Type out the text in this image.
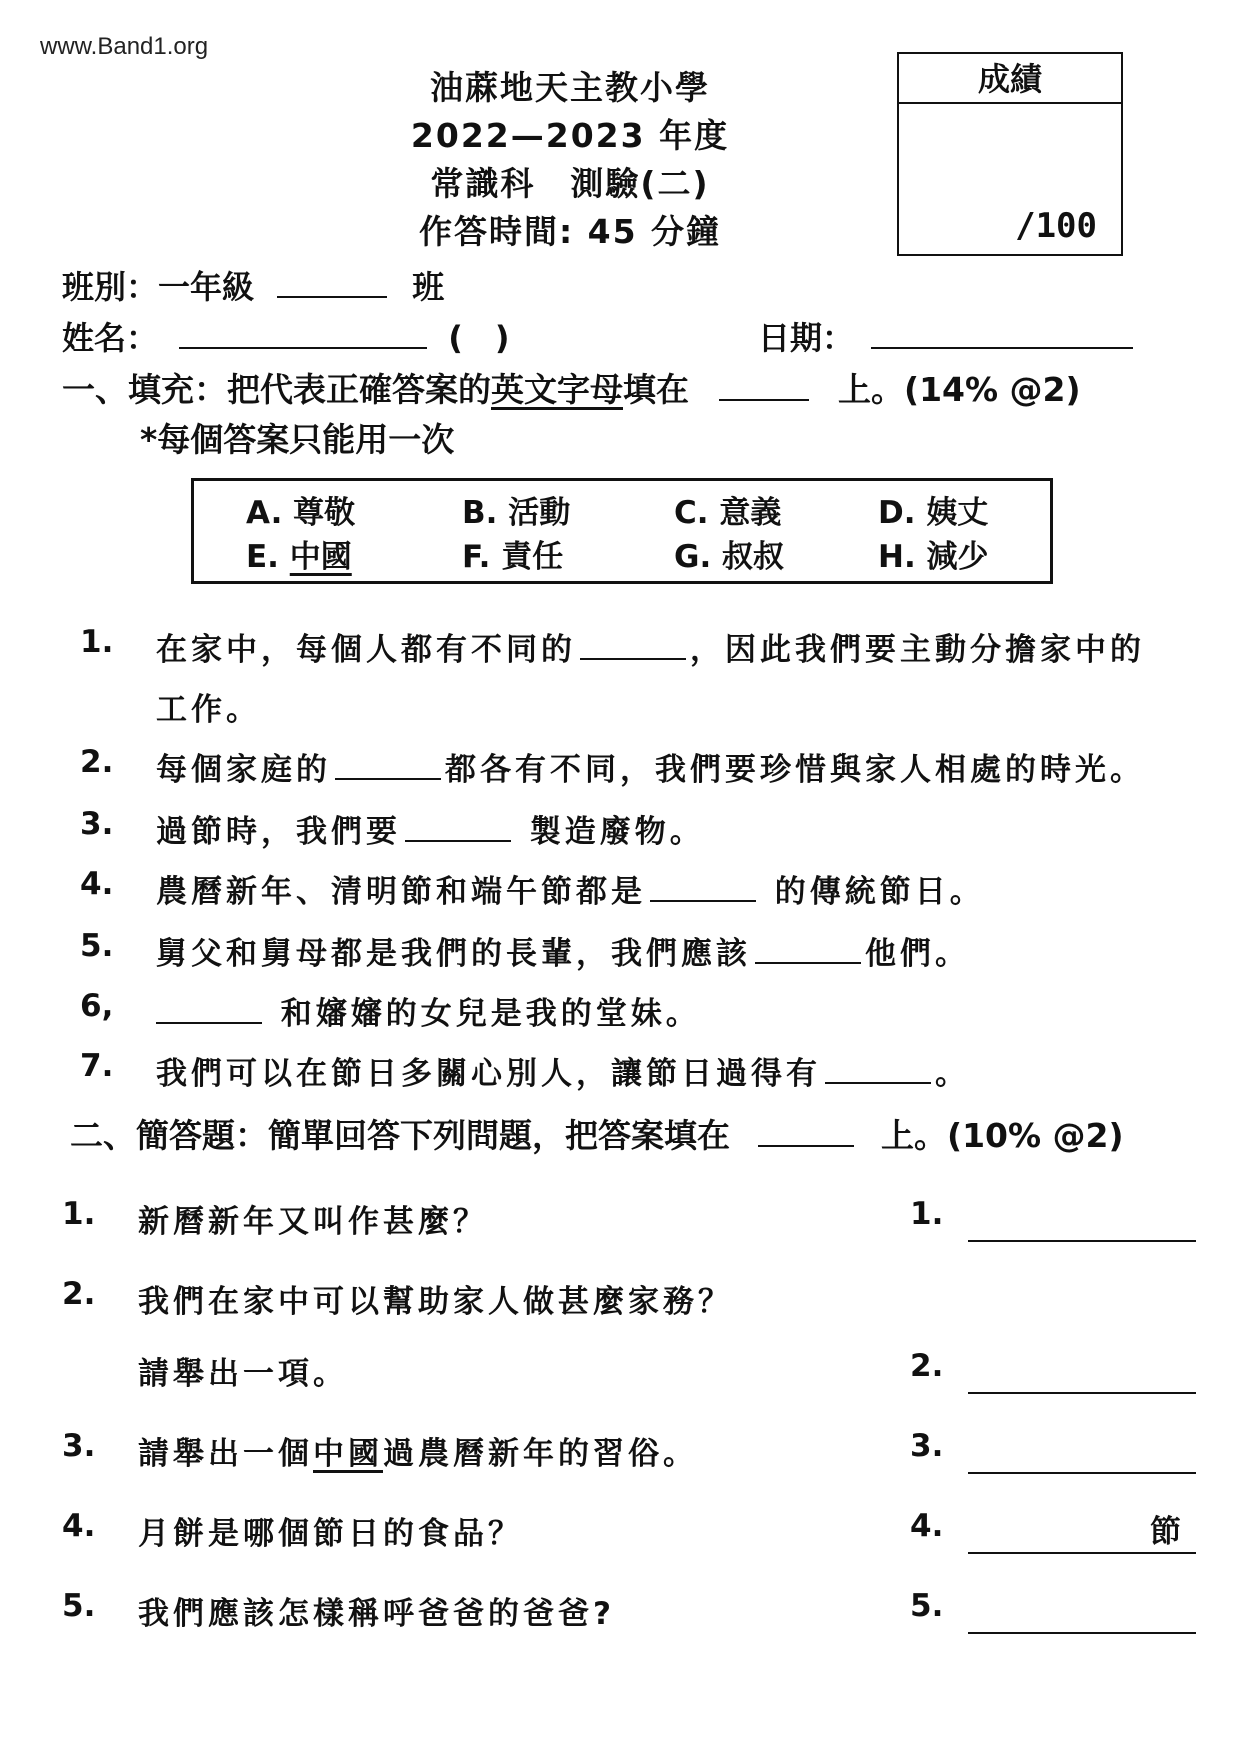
www.Band1.org
油蔴地天主教小學
2022—2023 年度
常識科　測驗(二)
作答時間: 45 分鐘
成績
/100
班別：一年級	班
姓名：	(　)	日期：
一、填充：把代表正確答案的英文字母填在	上。(14% @2)
*每個答案只能用一次
A. 尊敬	B. 活動	C. 意義	D. 姨丈
E. 中國	F. 責任	G. 叔叔	H. 減少
1. 在家中，每個人都有不同的	，因此我們要主動分擔家中的
工作。
2. 每個家庭的	都各有不同，我們要珍惜與家人相處的時光。
3. 過節時，我們要	製造廢物。
4. 農曆新年、清明節和端午節都是	的傳統節日。
5. 舅父和舅母都是我們的長輩，我們應該	他們。
6,	和嬸嬸的女兒是我的堂妹。
7. 我們可以在節日多關心別人，讓節日過得有	。
二、簡答題：簡單回答下列問題，把答案填在	上。(10% @2)
1. 新曆新年又叫作甚麼？	1.
2. 我們在家中可以幫助家人做甚麼家務？
請舉出一項。	2.
3. 請舉出一個中國過農曆新年的習俗。	3.
4. 月餅是哪個節日的食品？	4.	節
5. 我們應該怎樣稱呼爸爸的爸爸?	5.
